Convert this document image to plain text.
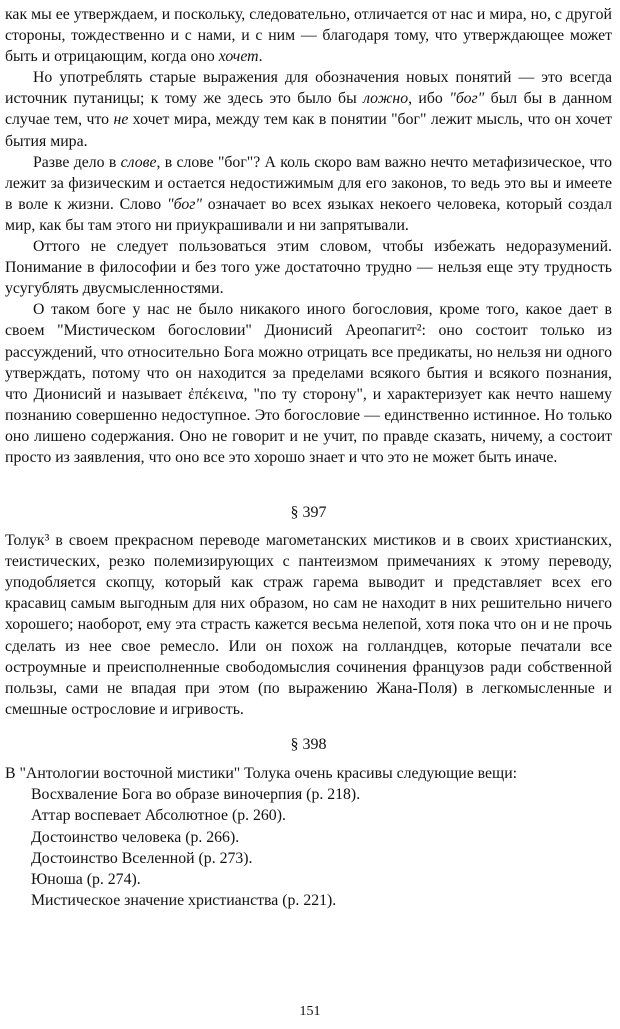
как мы ее утверждаем, и поскольку, следовательно, отличается от нас и мира, но, с другой стороны, тождественно и с нами, и с ним — благодаря тому, что утверждающее может быть и отрицающим, когда оно хочет.

Но употреблять старые выражения для обозначения новых понятий — это всегда источник путаницы; к тому же здесь это было бы ложно, ибо "бог" был бы в данном случае тем, что не хочет мира, между тем как в понятии "бог" лежит мысль, что он хочет бытия мира.

Разве дело в слове, в слове "бог"? А коль скоро вам важно нечто метафизическое, что лежит за физическим и остается недостижимым для его законов, то ведь это вы и имеете в воле к жизни. Слово "бог" означает во всех языках некоего человека, который создал мир, как бы там этого ни приукрашивали и ни запрятывали.

Оттого не следует пользоваться этим словом, чтобы избежать недоразумений. Понимание в философии и без того уже достаточно трудно — нельзя еще эту трудность усугублять двусмысленностями.

О таком боге у нас не было никакого иного богословия, кроме того, какое дает в своем "Мистическом богословии" Дионисий Ареопагит²: оно состоит только из рассуждений, что относительно Бога можно отрицать все предикаты, но нельзя ни одного утверждать, потому что он находится за пределами всякого бытия и всякого познания, что Дионисий и называет ἐπέκεινα, "по ту сторону", и характеризует как нечто нашему познанию совершенно недоступное. Это богословие — единственно истинное. Но только оно лишено содержания. Оно не говорит и не учит, по правде сказать, ничему, а состоит просто из заявления, что оно все это хорошо знает и что это не может быть иначе.

§ 397

Толук³ в своем прекрасном переводе магометанских мистиков и в своих христианских, теистических, резко полемизирующих с пантеизмом примечаниях к этому переводу, уподобляется скопцу, который как страж гарема выводит и представляет всех его красавиц самым выгодным для них образом, но сам не находит в них решительно ничего хорошего; наоборот, ему эта страсть кажется весьма нелепой, хотя пока что он и не прочь сделать из нее свое ремесло. Или он похож на голландцев, которые печатали все остроумные и преисполненные свободомыслия сочинения французов ради собственной пользы, сами не впадая при этом (по выражению Жана-Поля) в легкомысленные и смешные острословие и игривость.

§ 398

В "Антологии восточной мистики" Толука очень красивы следующие вещи:

Восхваление Бога во образе виночерпия (р. 218).
Аттар воспевает Абсолютное (р. 260).
Достоинство человека (р. 266).
Достоинство Вселенной (р. 273).
Юноша (р. 274).
Мистическое значение христианства (р. 221).
151
